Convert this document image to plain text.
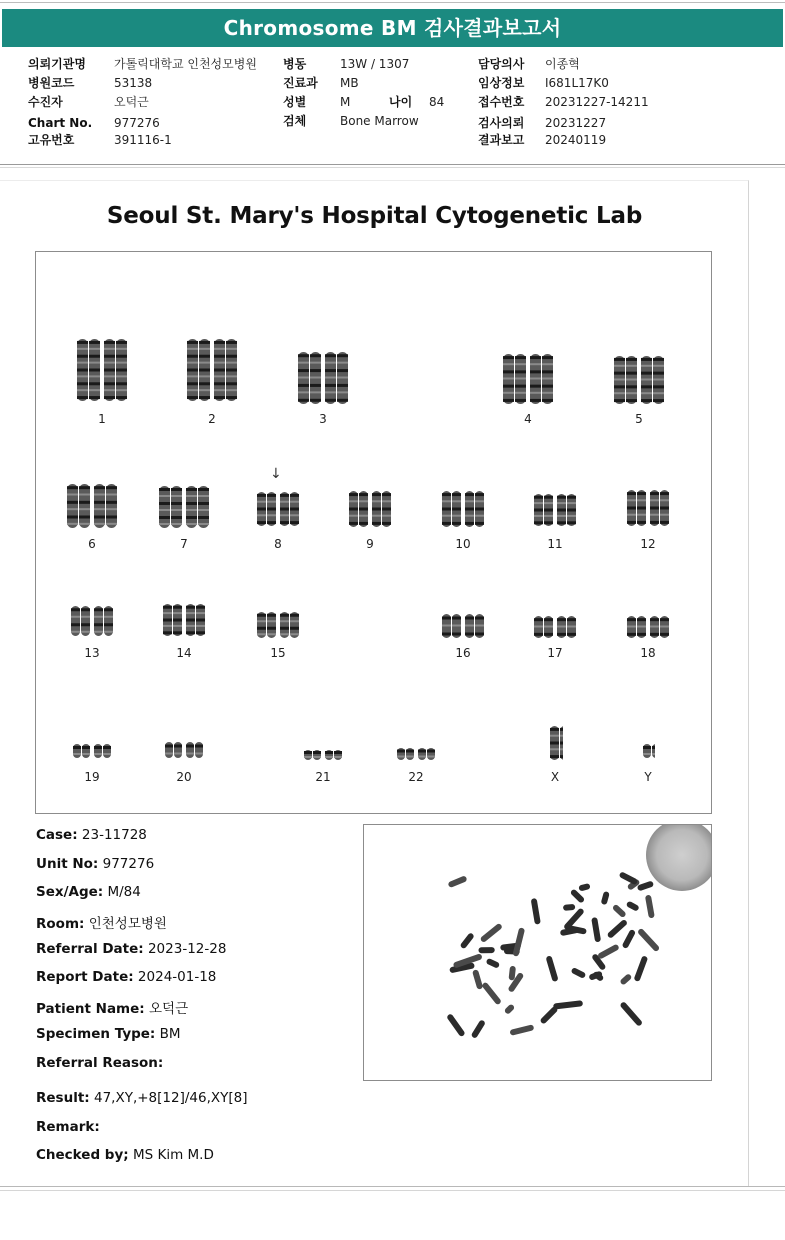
Chromosome BM 검사결과보고서
의뢰기관명 가톨릭대학교 인천성모병원
병원코드	53138
수진자	오덕근
Chart No. 977276
고유번호	391116-1
병동	13W / 1307
진료과 MB
성별	M	나이 84
검체	Bone Marrow
담당의사 이종혁
임상정보 I681L17K0
접수번호 20231227-14211
검사의뢰 20231227
결과보고 20240119
Seoul St. Mary's Hospital Cytogenetic Lab
↓
1	2	3	4	5
6	7	8	9	10	11	12
13	14	15	16	17	18
19	20	21	22	X	Y
Case: 23-11728
Unit No: 977276
Sex/Age: M/84
Room: 인천성모병원
Referral Date: 2023-12-28
Report Date: 2024-01-18
Patient Name: 오덕근
Specimen Type: BM
Referral Reason:
Result: 47,XY,+8[12]/46,XY[8]
Remark:
Checked by; MS Kim M.D
